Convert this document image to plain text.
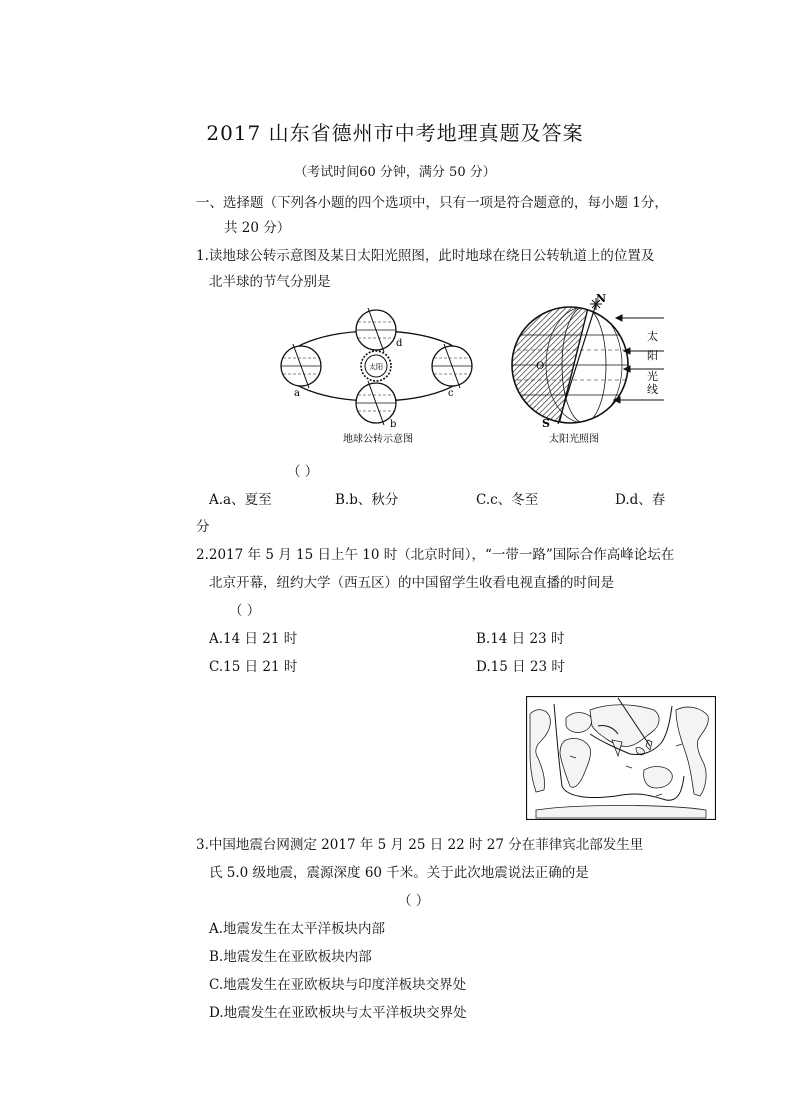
2017 山东省德州市中考地理真题及答案
（考试时间60 分钟，满分 50 分）
一、选择题（下列各小题的四个选项中，只有一项是符合题意的，每小题 1分，
共 20 分）
1.读地球公转示意图及某日太阳光照图，此时地球在绕日公转轨道上的位置及
北半球的节气分别是
太阳
d
a	c
b
地球公转示意图
N
S
O
太
阳
光
线
太阳光照图
（ ）
A.a、夏至	B.b、秋分	C.c、冬至	D.d、春
分
2.2017 年 5 月 15 日上午 10 时（北京时间），“一带一路”国际合作高峰论坛在
北京开幕，纽约大学（西五区）的中国留学生收看电视直播的时间是
（ ）
A.14 日 21 时	B.14 日 23 时
C.15 日 21 时	D.15 日 23 时
3.中国地震台网测定 2017 年 5 月 25 日 22 时 27 分在菲律宾北部发生里
氏 5.0 级地震，震源深度 60 千米。关于此次地震说法正确的是
（ ）
A.地震发生在太平洋板块内部
B.地震发生在亚欧板块内部
C.地震发生在亚欧板块与印度洋板块交界处
D.地震发生在亚欧板块与太平洋板块交界处
